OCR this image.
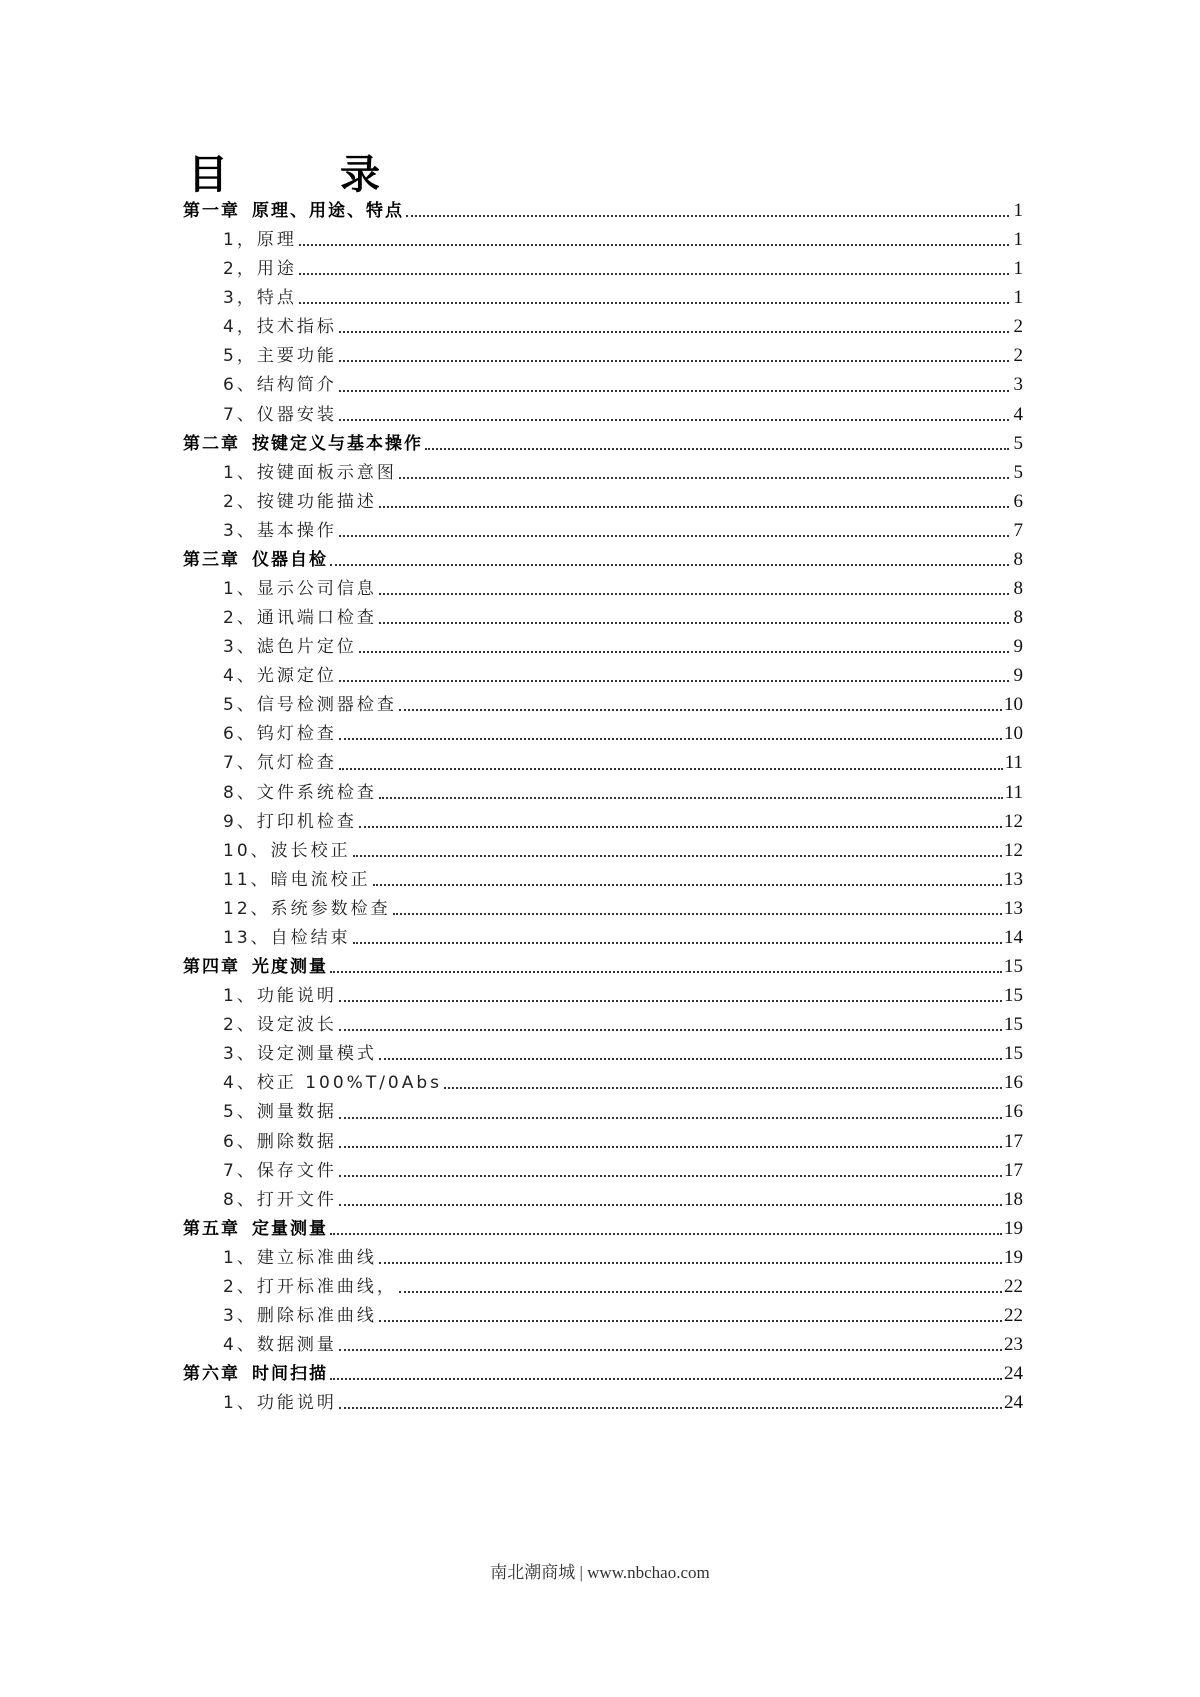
目　录
第一章 原理、用途、特点	1
1，原理	1
2，用途	1
3，特点	1
4，技术指标	2
5，主要功能	2
6、结构简介	3
7、仪器安装	4
第二章 按键定义与基本操作	5
1、按键面板示意图	5
2、按键功能描述	6
3、基本操作	7
第三章 仪器自检	8
1、显示公司信息	8
2、通讯端口检查	8
3、滤色片定位	9
4、光源定位	9
5、信号检测器检查	10
6、钨灯检查	10
7、氘灯检查	11
8、文件系统检查	11
9、打印机检查	12
10、波长校正	12
11、暗电流校正	13
12、系统参数检查	13
13、自检结束	14
第四章 光度测量	15
1、功能说明	15
2、设定波长	15
3、设定测量模式	15
4、校正 100%T/0Abs	16
5、测量数据	16
6、删除数据	17
7、保存文件	17
8、打开文件	18
第五章 定量测量	19
1、建立标准曲线	19
2、打开标准曲线，	22
3、删除标准曲线	22
4、数据测量	23
第六章 时间扫描	24
1、功能说明	24
南北潮商城 | www.nbchao.com
